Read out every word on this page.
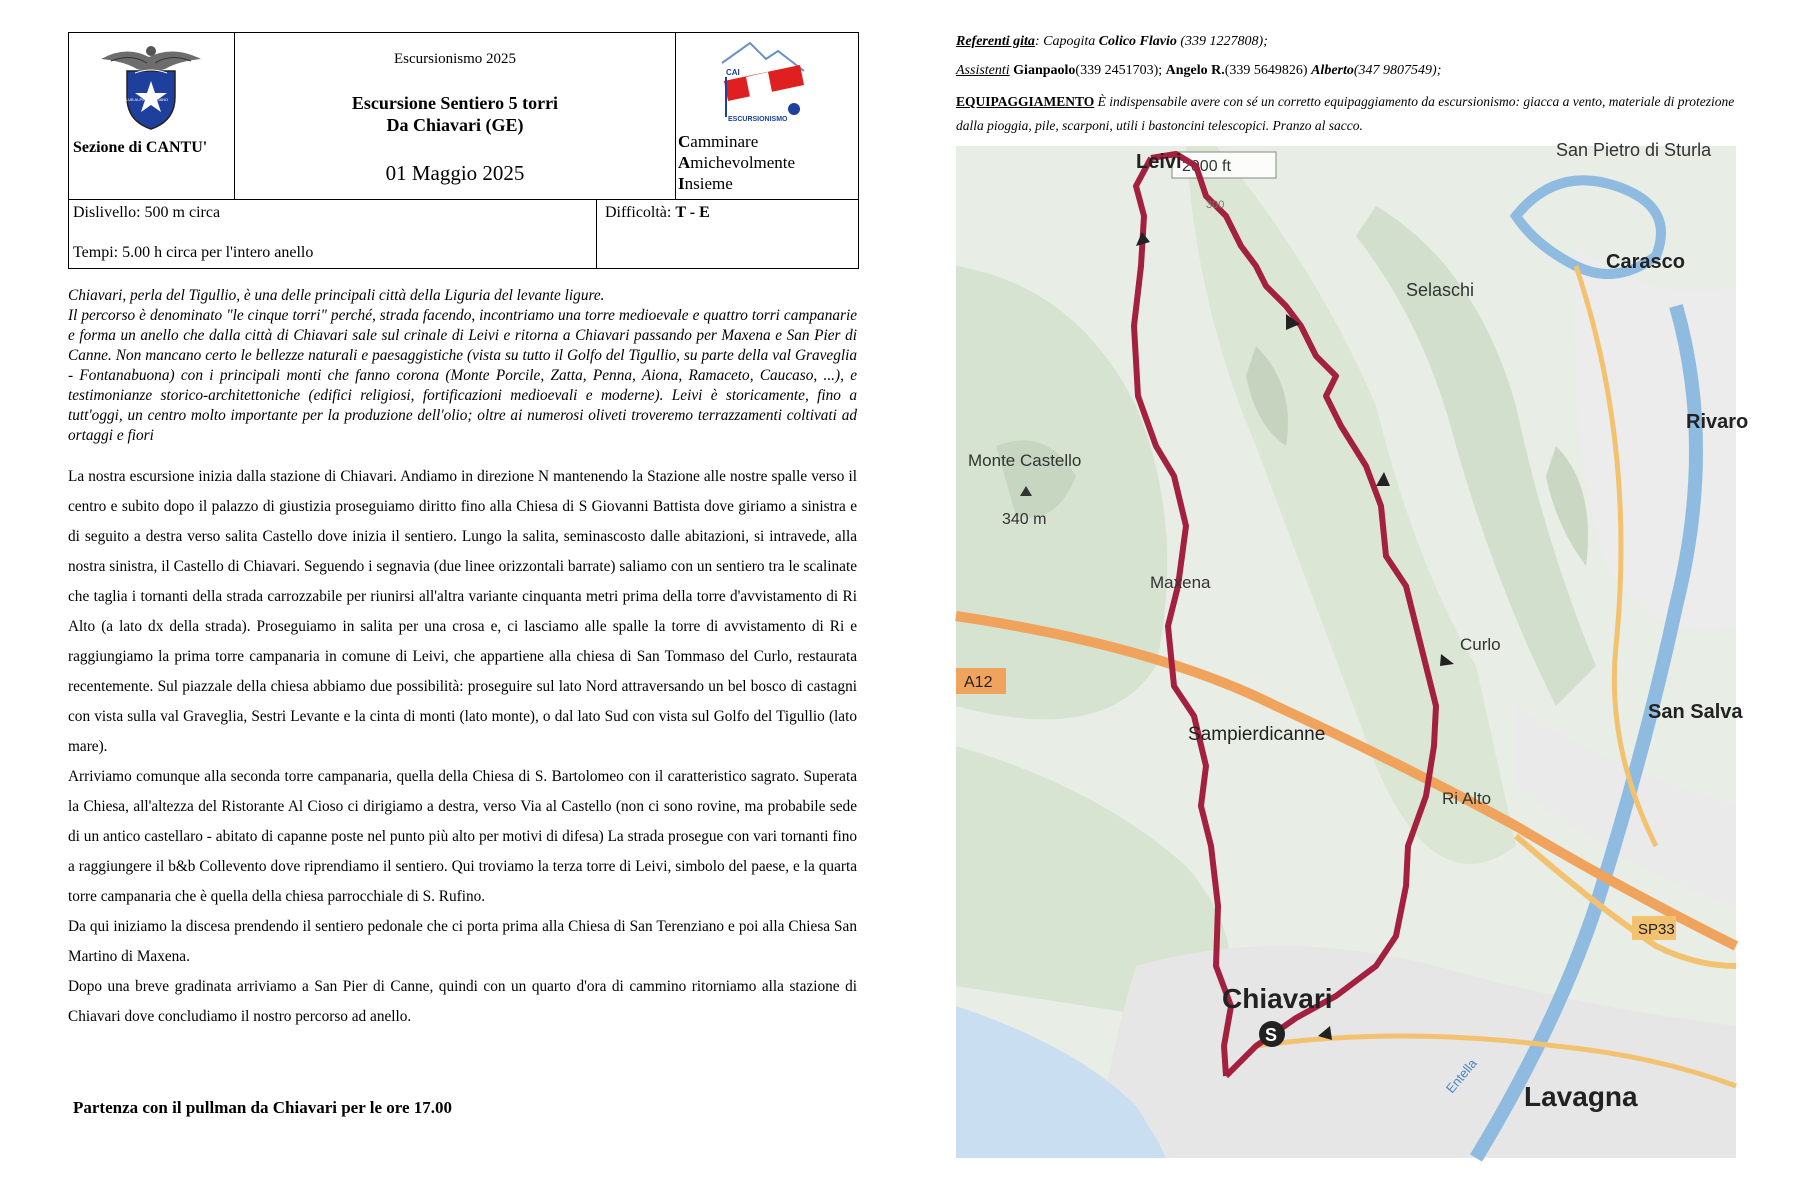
CLUB ALPINO ITALIANO
Sezione di CANTU'
Escursionismo 2025
Escursione Sentiero 5 torri
Da Chiavari (GE)
01 Maggio 2025
CAI
ESCURSIONISMO
Camminare
Amichevolmente
Insieme
Dislivello: 500 m circa
Tempi: 5.00 h circa per l'intero anello
Difficoltà: T - E

Chiavari, perla del Tigullio, è una delle principali città della Liguria del levante ligure.

Il percorso è denominato "le cinque torri" perché, strada facendo, incontriamo una torre medioevale e quattro torri campanarie e forma un anello che dalla città di Chiavari sale sul crinale di Leivi e ritorna a Chiavari passando per Maxena e San Pier di Canne. Non mancano certo le bellezze naturali e paesaggistiche (vista su tutto il Golfo del Tigullio, su parte della val Graveglia - Fontanabuona) con i principali monti che fanno corona (Monte Porcile, Zatta, Penna, Aiona, Ramaceto, Caucaso, ...), e testimonianze storico-architettoniche (edifici religiosi, fortificazioni medioevali e moderne). Leivi è storicamente, fino a tutt'oggi, un centro molto importante per la produzione dell'olio; oltre ai numerosi oliveti troveremo terrazzamenti coltivati ad ortaggi e fiori

La nostra escursione inizia dalla stazione di Chiavari. Andiamo in direzione N mantenendo la Stazione alle nostre spalle verso il centro e subito dopo il palazzo di giustizia proseguiamo diritto fino alla Chiesa di S Giovanni Battista dove giriamo a sinistra e di seguito a destra verso salita Castello dove inizia il sentiero. Lungo la salita, seminascosto dalle abitazioni, si intravede, alla nostra sinistra, il Castello di Chiavari. Seguendo i segnavia (due linee orizzontali barrate) saliamo con un sentiero tra le scalinate che taglia i tornanti della strada carrozzabile per riunirsi all'altra variante cinquanta metri prima della torre d'avvistamento di Ri Alto (a lato dx della strada). Proseguiamo in salita per una crosa e, ci lasciamo alle spalle la torre di avvistamento di Ri e raggiungiamo la prima torre campanaria in comune di Leivi, che appartiene alla chiesa di San Tommaso del Curlo, restaurata recentemente. Sul piazzale della chiesa abbiamo due possibilità: proseguire sul lato Nord attraversando un bel bosco di castagni con vista sulla val Graveglia, Sestri Levante e la cinta di monti (lato monte), o dal lato Sud con vista sul Golfo del Tigullio (lato mare).

Arriviamo comunque alla seconda torre campanaria, quella della Chiesa di S. Bartolomeo con il caratteristico sagrato. Superata la Chiesa, all'altezza del Ristorante Al Cioso ci dirigiamo a destra, verso Via al Castello (non ci sono rovine, ma probabile sede di un antico castellaro - abitato di capanne poste nel punto più alto per motivi di difesa) La strada prosegue con vari tornanti fino a raggiungere il b&b Collevento dove riprendiamo il sentiero. Qui troviamo la terza torre di Leivi, simbolo del paese, e la quarta torre campanaria che è quella della chiesa parrocchiale di S. Rufino.

Da qui iniziamo la discesa prendendo il sentiero pedonale che ci porta prima alla Chiesa di San Terenziano e poi alla Chiesa San Martino di Maxena.

Dopo una breve gradinata arriviamo a San Pier di Canne, quindi con un quarto d'ora di cammino ritorniamo alla stazione di Chiavari dove concludiamo il nostro percorso ad anello.

Partenza con il pullman da Chiavari per le ore 17.00
Referenti gita: Capogita Colico Flavio (339 1227808);
Assistenti Gianpaolo(339 2451703); Angelo R.(339 5649826) Alberto(347 9807549);
EQUIPAGGIAMENTO È indispensabile avere con sé un corretto equipaggiamento da escursionismo: giacca a vento, materiale di protezione dalla pioggia, pile, scarponi, utili i bastoncini telescopici. Pranzo al sacco.
2000 ft
Leivi
San Pietro di Sturla
Carasco
Selaschi
Rivaro
Monte Castello
340 m
300
Maxena
Curlo
A12
San Salva
Sampierdicanne
Ri Alto
SP33
Chiavari
S
Entella
Lavagna
